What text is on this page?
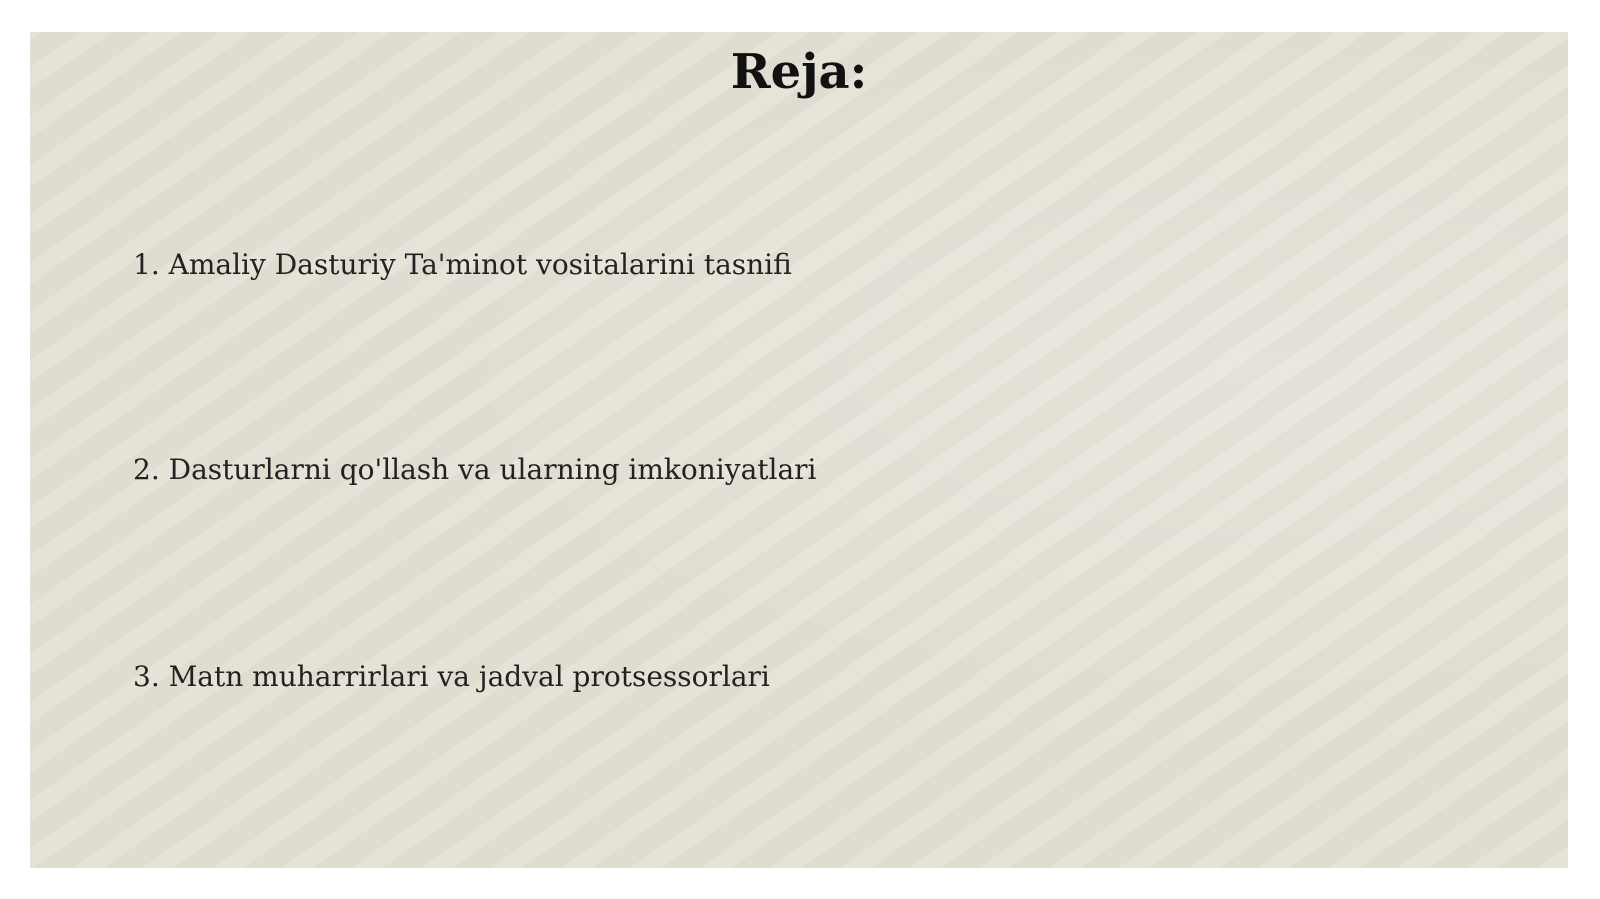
Reja:
1. Amaliy Dasturiy Ta'minot vositalarini tasnifi
2. Dasturlarni qo'llash va ularning imkoniyatlari
3. Matn muharrirlari va jadval protsessorlari
